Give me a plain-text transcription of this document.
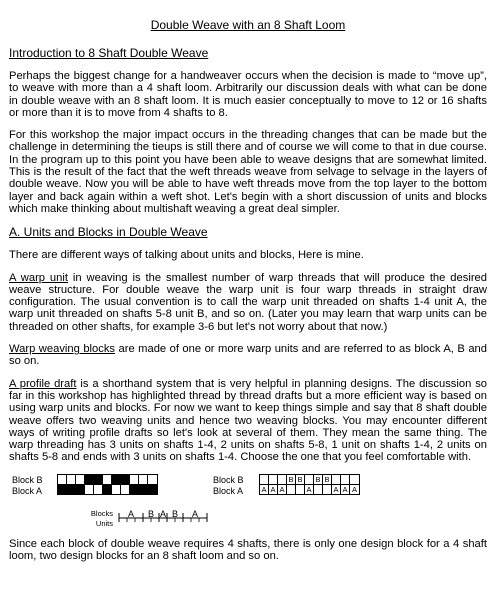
Double Weave with an 8 Shaft Loom
Introduction to 8 Shaft Double Weave

Perhaps the biggest change for a handweaver occurs when the decision is made to “move up”, to weave with more than a 4 shaft loom. Arbitrarily our discussion deals with what can be done in double weave with an 8 shaft loom. It is much easier conceptually to move to 12 or 16 shafts or more than it is to move from 4 shafts to 8.

For this workshop the major impact occurs in the threading changes that can be made but the challenge in determining the tieups is still there and of course we will come to that in due course. In the program up to this point you have been able to weave designs that are somewhat limited. This is the result of the fact that the weft threads weave from selvage to selvage in the layers of double weave. Now you will be able to have weft threads move from the top layer to the bottom layer and back again within a weft shot. Let's begin with a short discussion of units and blocks which make thinking about multishaft weaving a great deal simpler.

A. Units and Blocks in Double Weave

There are different ways of talking about units and blocks, Here is mine.

A warp unit in weaving is the smallest number of warp threads that will produce the desired weave structure. For double weave the warp unit is four warp threads in straight draw configuration. The usual convention is to call the warp unit threaded on shafts 1-4 unit A, the warp unit threaded on shafts 5-8 unit B, and so on. (Later you may learn that warp units can be threaded on other shafts, for example 3-6 but let's not worry about that now.)

Warp weaving blocks are made of one or more warp units and are referred to as block A, B and so on.

A profile draft is a shorthand system that is very helpful in planning designs. The discussion so far in this workshop has highlighted thread by thread drafts but a more efficient way is based on using warp units and blocks. For now we want to keep things simple and say that 8 shaft double weave offers two weaving units and hence two weaving blocks. You may encounter different ways of writing profile drafts so let's look at several of them. They mean the same thing. The warp threading has 3 units on shafts 1-4, 2 units on shafts 5-8, 1 unit on shafts 1-4, 2 units on shafts 5-8 and ends with 3 units on shafts 1-4. Choose the one that you feel comfortable with.

Block B
Block A
Block B
Block A
B B	B B
A A A	A	A A A
Blocks
Units
A B A B A

Since each block of double weave requires 4 shafts, there is only one design block for a 4 shaft loom, two design blocks for an 8 shaft loom and so on.
